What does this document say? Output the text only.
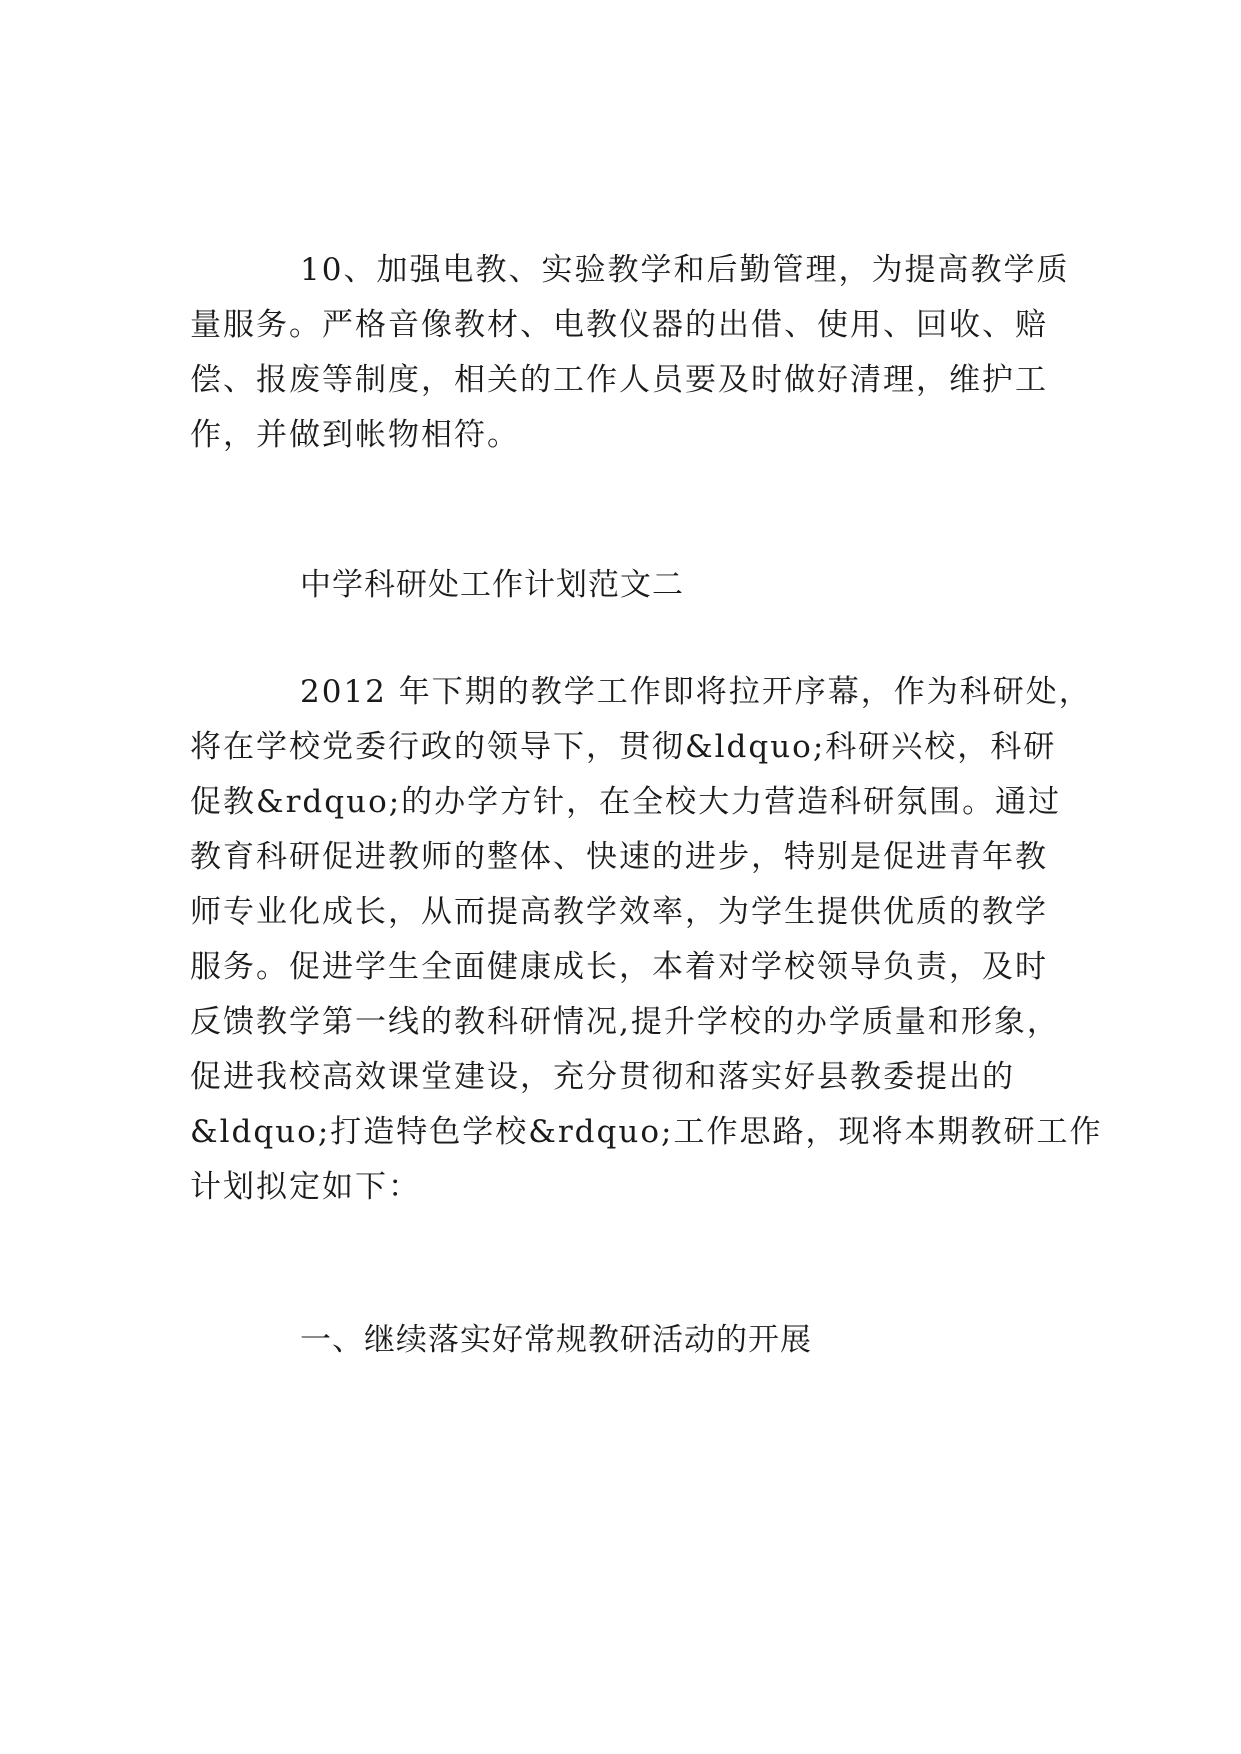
10、加强电教、实验教学和后勤管理，为提高教学质
量服务。严格音像教材、电教仪器的出借、使用、回收、赔
偿、报废等制度，相关的工作人员要及时做好清理，维护工
作，并做到帐物相符。
中学科研处工作计划范文二
2012 年下期的教学工作即将拉开序幕，作为科研处，
将在学校党委行政的领导下，贯彻&ldquo;科研兴校，科研
促教&rdquo;的办学方针，在全校大力营造科研氛围。通过
教育科研促进教师的整体、快速的进步，特别是促进青年教
师专业化成长，从而提高教学效率，为学生提供优质的教学
服务。促进学生全面健康成长，本着对学校领导负责，及时
反馈教学第一线的教科研情况,提升学校的办学质量和形象，
促进我校高效课堂建设，充分贯彻和落实好县教委提出的
&ldquo;打造特色学校&rdquo;工作思路，现将本期教研工作
计划拟定如下：
一、继续落实好常规教研活动的开展
